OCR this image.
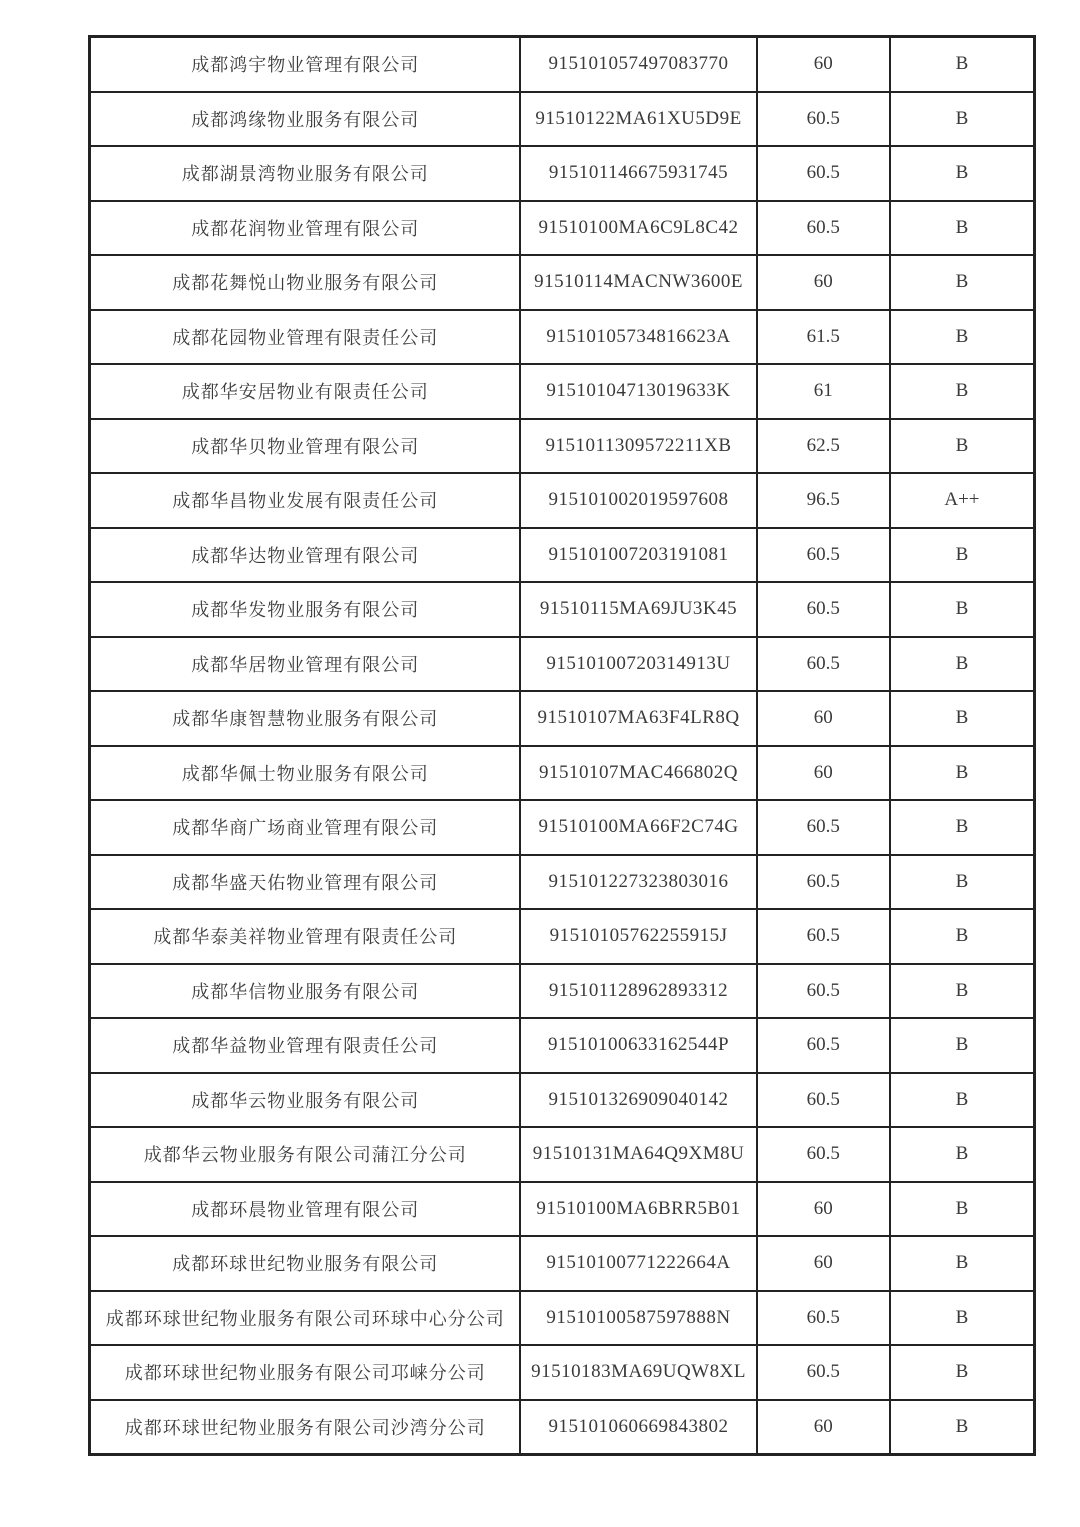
成都鸿宇物业管理有限公司	915101057497083770	60	B
成都鸿缘物业服务有限公司	91510122MA61XU5D9E	60.5	B
成都湖景湾物业服务有限公司	915101146675931745	60.5	B
成都花润物业管理有限公司	91510100MA6C9L8C42	60.5	B
成都花舞悦山物业服务有限公司	91510114MACNW3600E	60	B
成都花园物业管理有限责任公司	91510105734816623A	61.5	B
成都华安居物业有限责任公司	91510104713019633K	61	B
成都华贝物业管理有限公司	9151011309572211XB	62.5	B
成都华昌物业发展有限责任公司	915101002019597608	96.5	A++
成都华达物业管理有限公司	915101007203191081	60.5	B
成都华发物业服务有限公司	91510115MA69JU3K45	60.5	B
成都华居物业管理有限公司	91510100720314913U	60.5	B
成都华康智慧物业服务有限公司	91510107MA63F4LR8Q	60	B
成都华佩士物业服务有限公司	91510107MAC466802Q	60	B
成都华商广场商业管理有限公司	91510100MA66F2C74G	60.5	B
成都华盛天佑物业管理有限公司	915101227323803016	60.5	B
成都华泰美祥物业管理有限责任公司	91510105762255915J	60.5	B
成都华信物业服务有限公司	915101128962893312	60.5	B
成都华益物业管理有限责任公司	91510100633162544P	60.5	B
成都华云物业服务有限公司	915101326909040142	60.5	B
成都华云物业服务有限公司蒲江分公司	91510131MA64Q9XM8U	60.5	B
成都环晨物业管理有限公司	91510100MA6BRR5B01	60	B
成都环球世纪物业服务有限公司	91510100771222664A	60	B
成都环球世纪物业服务有限公司环球中心分公司	91510100587597888N	60.5	B
成都环球世纪物业服务有限公司邛崃分公司	91510183MA69UQW8XL	60.5	B
成都环球世纪物业服务有限公司沙湾分公司	915101060669843802	60	B
